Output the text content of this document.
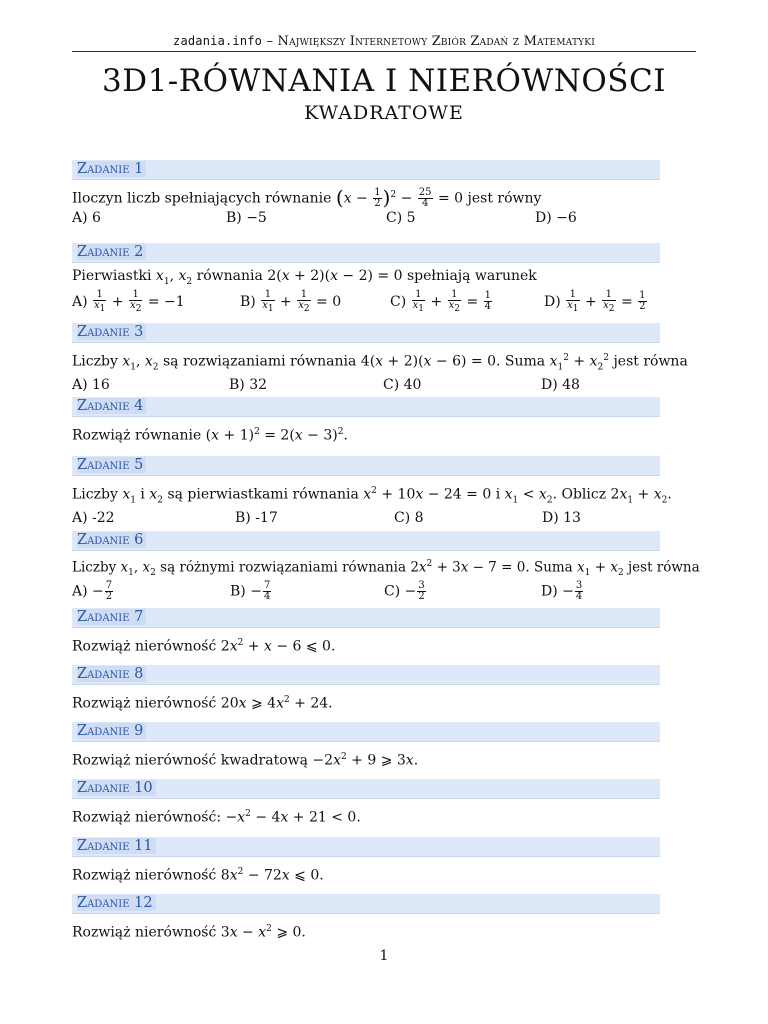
zadania.info – Największy Internetowy Zbiór Zadań z Matematyki
3D1-RÓWNANIA I NIERÓWNOŚCI
KWADRATOWE
Zadanie 1
Iloczyn liczb spełniających równanie $(x - \frac{1}{2} )^2 - \frac{25}{4} = 0$ jest równy
A) 6	B) −5	C) 5	D) −6
Zadanie 2
Pierwiastki $x_1$, $x_2$ równania 2(x + 2)(x − 2) = 0 spełniają warunek
$A) \frac{1}{x_1} + \frac{1}{x_2} = -1$	$B) \frac{1}{x_1} + \frac{1}{x_2} = 0$	$C) \frac{1}{x_1} + \frac{1}{x_2} = \frac{1}{4}$	$D) \frac{1}{x_1} + \frac{1}{x_2} = \frac{1}{2}$
Zadanie 3
Liczby $x_1$, $x_2$ są rozwiązaniami równania 4(x + 2)(x − 6) = 0. Suma $x_1^2 + x_2^2$ jest równa
A) 16	B) 32	C) 40	D) 48
Zadanie 4
Rozwiąż równanie $(x + 1)^2 = 2(x - 3)^2$.
Zadanie 5
Liczby $x_1$ i $x_2$ są pierwiastkami równania $x^2 + 10x - 24 = 0$ i $x_1 < x_2$. Oblicz $2x_1 + x_2$.
A) -22	B) -17	C) 8	D) 13
Zadanie 6
Liczby $x_1$, $x_2$ są różnymi rozwiązaniami równania $2x^2 + 3x - 7 = 0$. Suma $x_1 + x_2$ jest równa
$A) - \frac{7}{2}$	$B) - \frac{7}{4}$	$C) - \frac{3}{2}$	$D) - \frac{3}{4}$
Zadanie 7
Rozwiąż nierówność $2x^2 + x - 6$ ⩽ 0.
Zadanie 8
Rozwiąż nierówność 20x ⩾ $4x^2 + 24$.
Zadanie 9
Rozwiąż nierówność kwadratową $-2x^2 + 9$ ⩾ 3x.
Zadanie 10
Rozwiąż nierówność: $-x^2 - 4x + 21 < 0$.
Zadanie 11
Rozwiąż nierówność $8x^2 - 72x$ ⩽ 0.
Zadanie 12
Rozwiąż nierówność $3x - x^2$ ⩾ 0.
1
